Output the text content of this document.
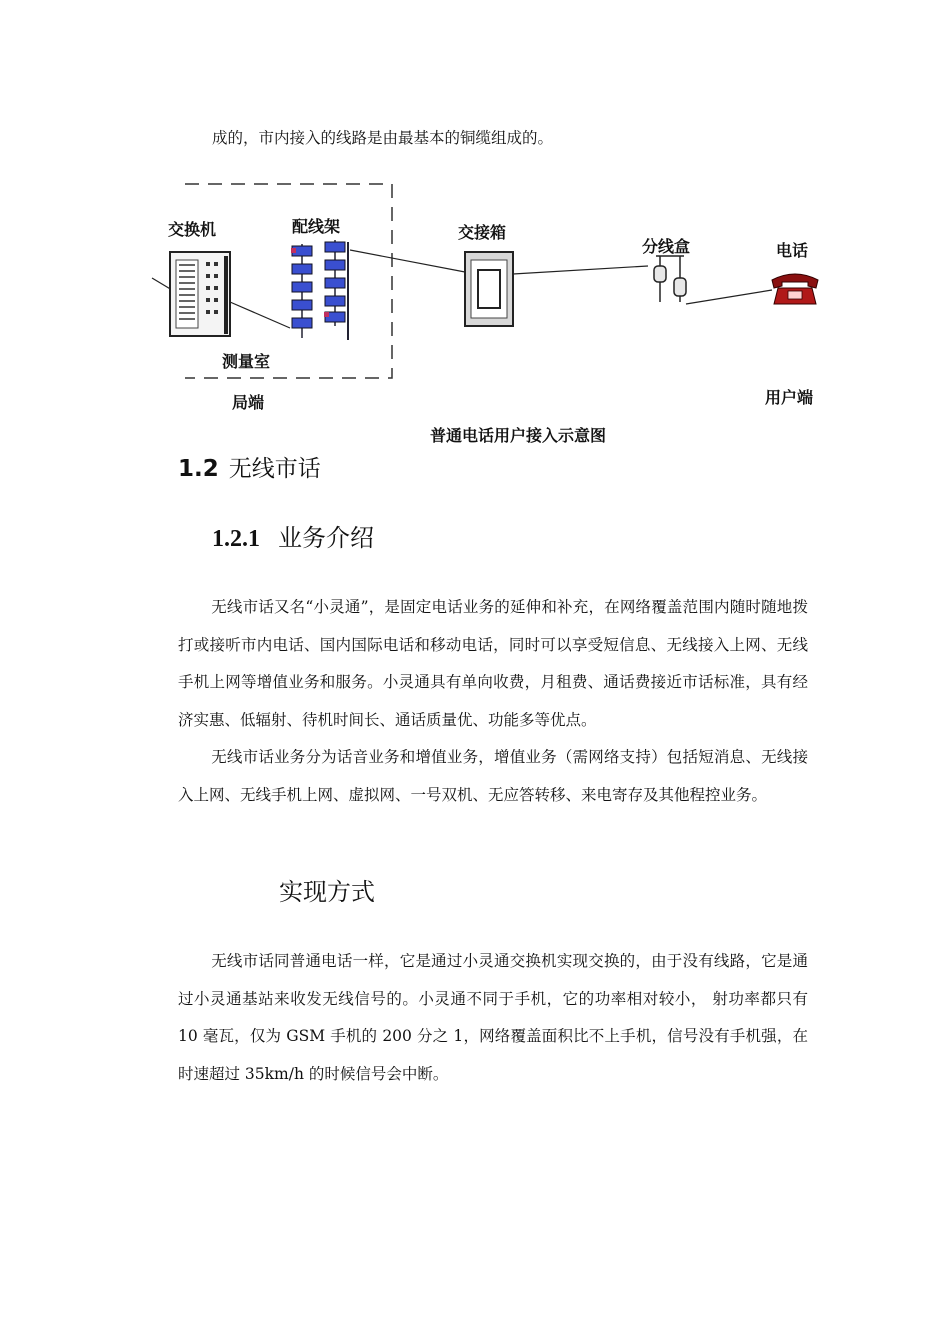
成的，市内接入的线路是由最基本的铜缆组成的。
交换机	配线架	交接箱
分线盒	电话
测量室
局端	用户端
普通电话用户接入示意图
1.2 无线市话
1.2.1 业务介绍

无线市话又名“小灵通”，是固定电话业务的延伸和补充，在网络覆盖范围内随时随地拨打或接听市内电话、国内国际电话和移动电话，同时可以享受短信息、无线接入上网、无线手机上网等增值业务和服务。小灵通具有单向收费，月租费、通话费接近市话标准，具有经济实惠、低辐射、待机时间长、通话质量优、功能多等优点。

无线市话业务分为话音业务和增值业务，增值业务（需网络支持）包括短消息、无线接入上网、无线手机上网、虚拟网、一号双机、无应答转移、来电寄存及其他程控业务。

实现方式

无线市话同普通电话一样，它是通过小灵通交换机实现交换的，由于没有线路，它是通过小灵通基站来收发无线信号的。小灵通不同于手机，它的功率相对较小， 射功率都只有 10 毫瓦，仅为 GSM 手机的 200 分之 1，网络覆盖面积比不上手机，信号没有手机强，在时速超过 35km/h 的时候信号会中断。
